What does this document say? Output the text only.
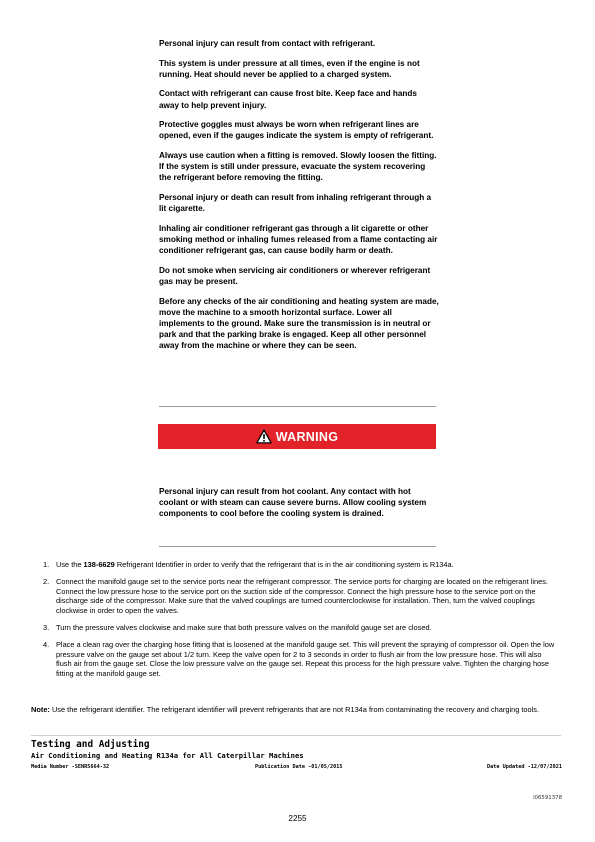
Personal injury can result from contact with refrigerant.

This system is under pressure at all times, even if the engine is not running. Heat should never be applied to a charged system.

Contact with refrigerant can cause frost bite. Keep face and hands away to help prevent injury.

Protective goggles must always be worn when refrigerant lines are opened, even if the gauges indicate the system is empty of refrigerant.

Always use caution when a fitting is removed. Slowly loosen the fitting. If the system is still under pressure, evacuate the system recovering the refrigerant before removing the fitting.

Personal injury or death can result from inhaling refrigerant through a lit cigarette.

Inhaling air conditioner refrigerant gas through a lit cigarette or other smoking method or inhaling fumes released from a flame contacting air conditioner refrigerant gas, can cause bodily harm or death.

Do not smoke when servicing air conditioners or wherever refrigerant gas may be present.

Before any checks of the air conditioning and heating system are made, move the machine to a smooth horizontal surface. Lower all implements to the ground. Make sure the transmission is in neutral or park and that the parking brake is engaged. Keep all other personnel away from the machine or where they can be seen.

WARNING

Personal injury can result from hot coolant. Any contact with hot coolant or with steam can cause severe burns. Allow cooling system components to cool before the cooling system is drained.

1. Use the 138-6629 Refrigerant Identifier in order to verify that the refrigerant that is in the air conditioning system is R134a.
2. Connect the manifold gauge set to the service ports near the refrigerant compressor. The service ports for charging are located on the refrigerant lines. Connect the low pressure hose to the service port on the suction side of the compressor. Connect the high pressure hose to the service port on the discharge side of the compressor. Make sure that the valved couplings are turned counterclockwise for installation. Then, turn the valved couplings clockwise in order to open the valves.
3. Turn the pressure valves clockwise and make sure that both pressure valves on the manifold gauge set are closed.
4. Place a clean rag over the charging hose fitting that is loosened at the manifold gauge set. This will prevent the spraying of compressor oil. Open the low pressure valve on the gauge set about 1/2 turn. Keep the valve open for 2 to 3 seconds in order to flush air from the low pressure hose. This will also flush air from the gauge set. Close the low pressure valve on the gauge set. Repeat this process for the high pressure valve. Tighten the charging hose fitting at the manifold gauge set.
Note: Use the refrigerant identifier. The refrigerant identifier will prevent refrigerants that are not R134a from contaminating the recovery and charging tools.
Testing and Adjusting
Air Conditioning and Heating R134a for All Caterpillar Machines
Media Number -SENR5664-32	Publication Date -01/05/2015	Date Updated -12/07/2021
i06591378
2255
